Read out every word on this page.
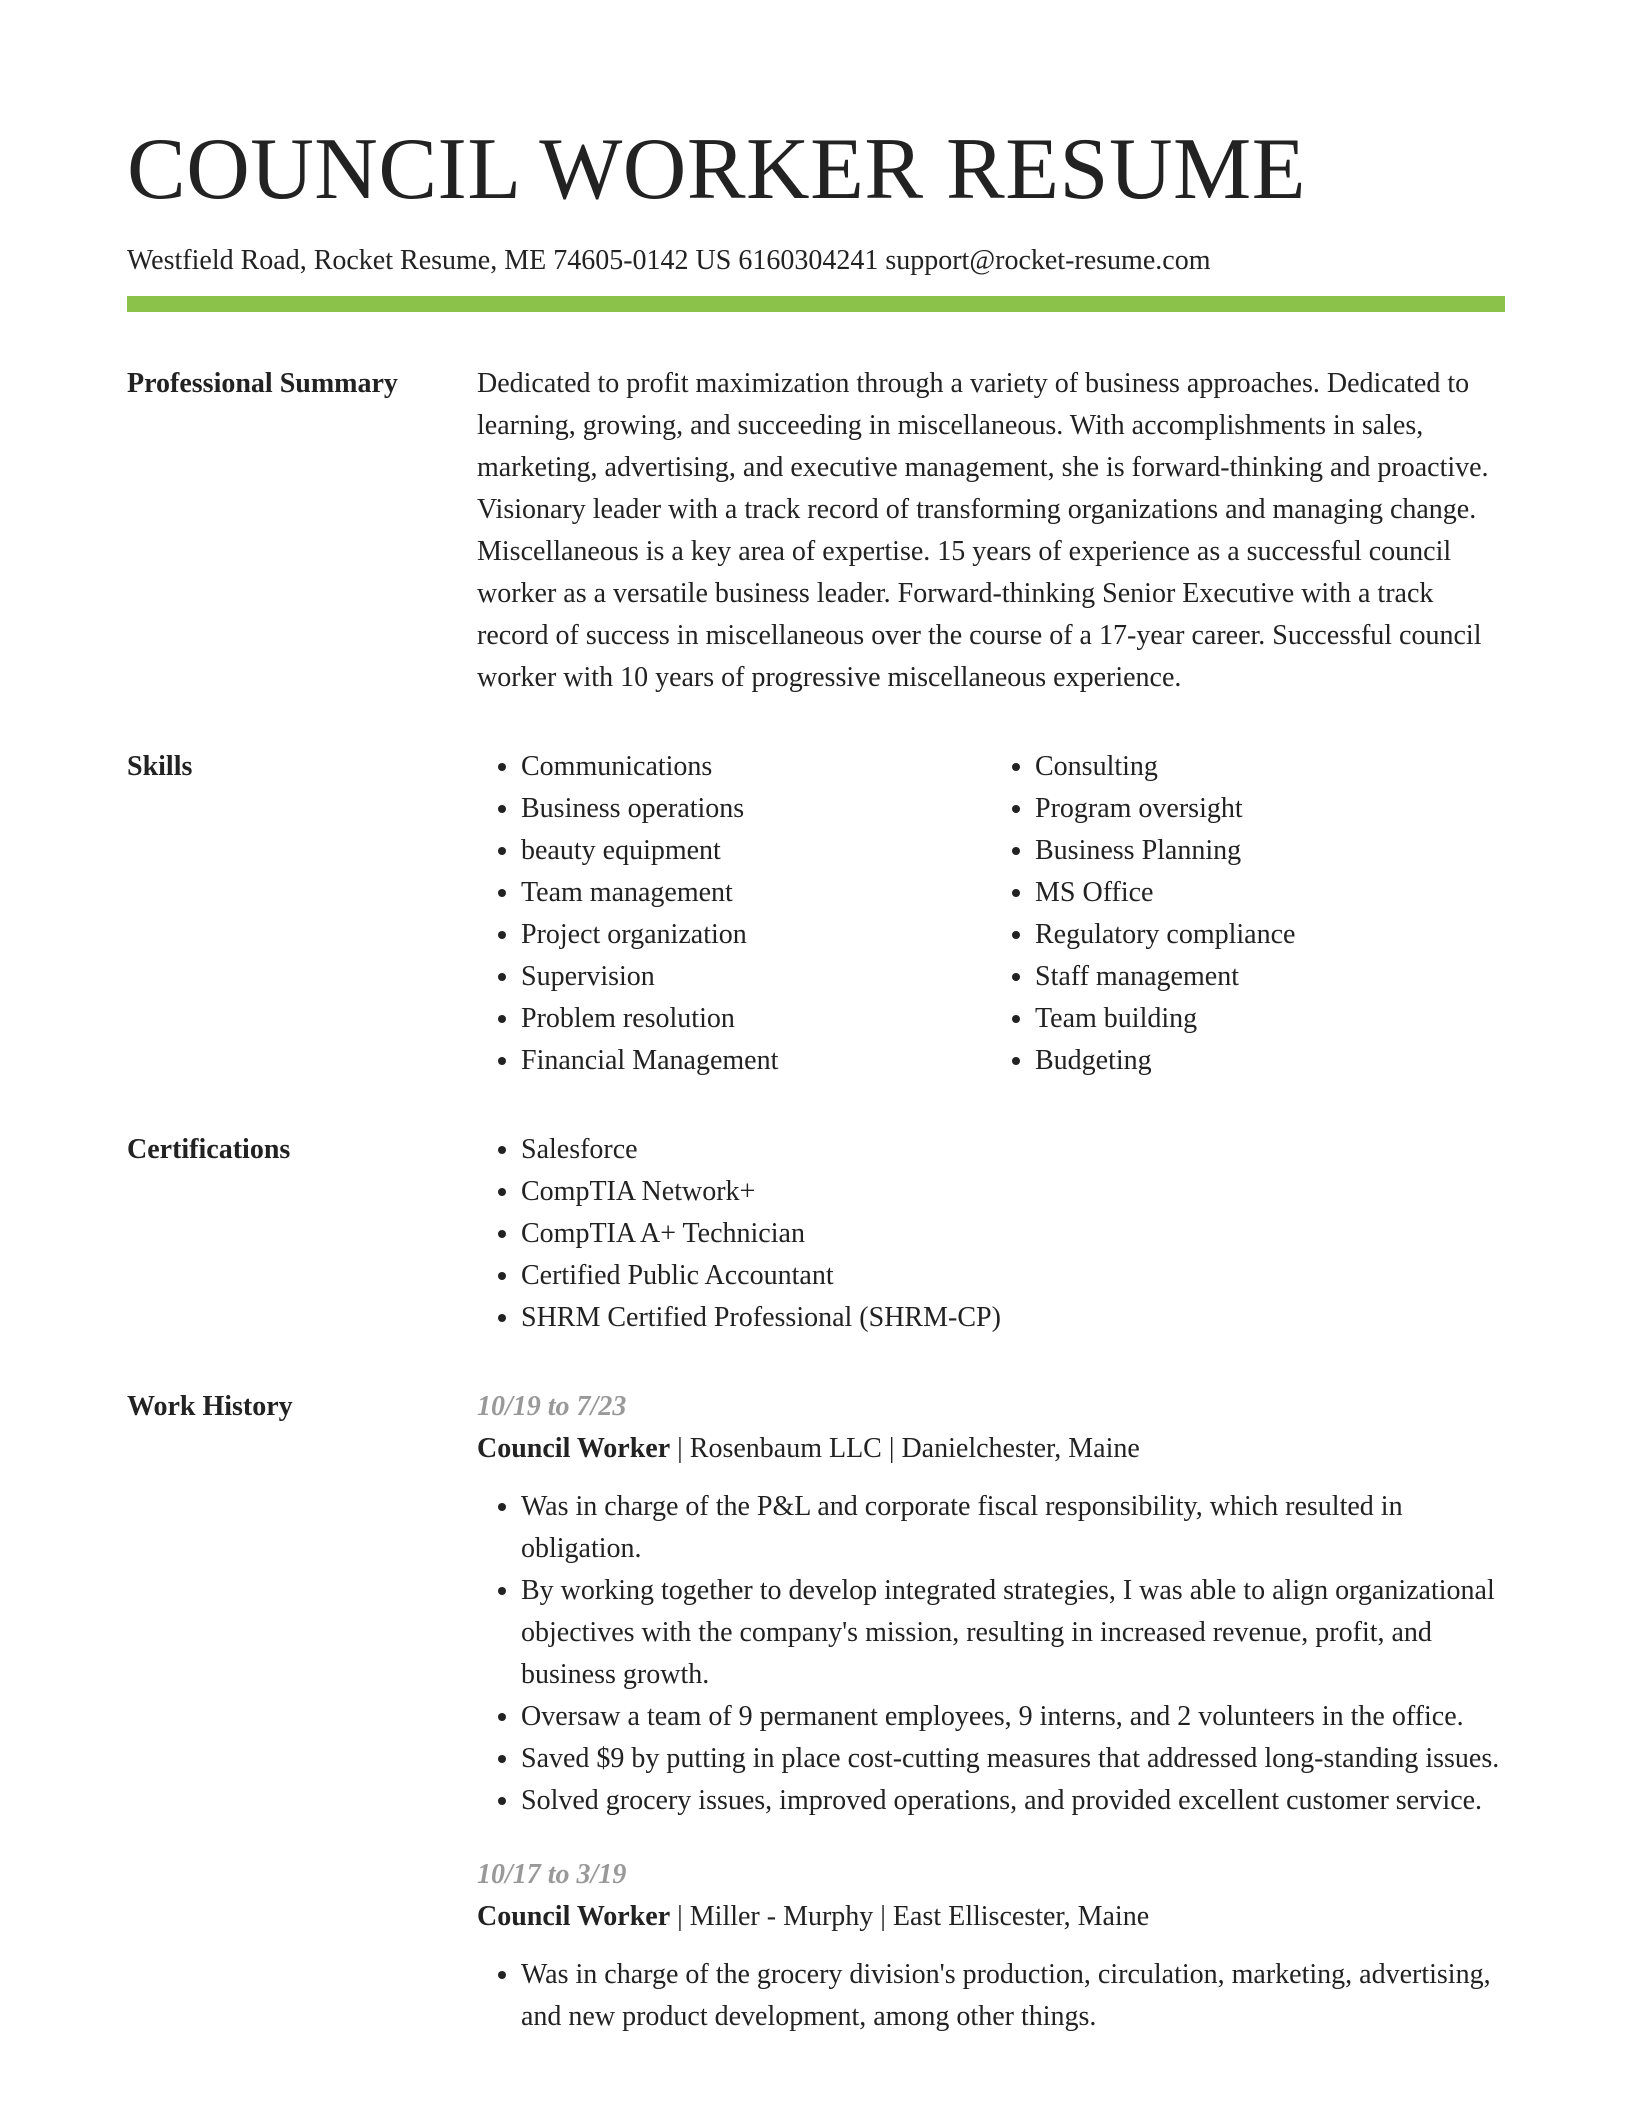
COUNCIL WORKER RESUME
Westfield Road, Rocket Resume, ME 74605-0142 US 6160304241 support@rocket-resume.com
Professional Summary	Dedicated to profit maximization through a variety of business approaches. Dedicated to learning, growing, and succeeding in miscellaneous. With accomplishments in sales, marketing, advertising, and executive management, she is forward-thinking and proactive. Visionary leader with a track record of transforming organizations and managing change. Miscellaneous is a key area of expertise. 15 years of experience as a successful council worker as a versatile business leader. Forward-thinking Senior Executive with a track record of success in miscellaneous over the course of a 17-year career. Successful council worker with 10 years of progressive miscellaneous experience.

Skills	• Communications
• Business operations
• beauty equipment
• Team management
• Project organization
• Supervision
• Problem resolution
• Financial Management
• Consulting
• Program oversight
• Business Planning
• MS Office
• Regulatory compliance
• Staff management
• Team building
• Budgeting
Certifications	• Salesforce
• CompTIA Network+
• CompTIA A+ Technician
• Certified Public Accountant
• SHRM Certified Professional (SHRM-CP)
Work History	10/19 to 7/23
Council Worker | Rosenbaum LLC | Danielchester, Maine
• Was in charge of the P&L and corporate fiscal responsibility, which resulted in obligation.
• By working together to develop integrated strategies, I was able to align organizational objectives with the company's mission, resulting in increased revenue, profit, and business growth.
• Oversaw a team of 9 permanent employees, 9 interns, and 2 volunteers in the office.
• Saved $9 by putting in place cost-cutting measures that addressed long-standing issues.
• Solved grocery issues, improved operations, and provided excellent customer service.
10/17 to 3/19
Council Worker | Miller - Murphy | East Elliscester, Maine
• Was in charge of the grocery division's production, circulation, marketing, advertising, and new product development, among other things.
